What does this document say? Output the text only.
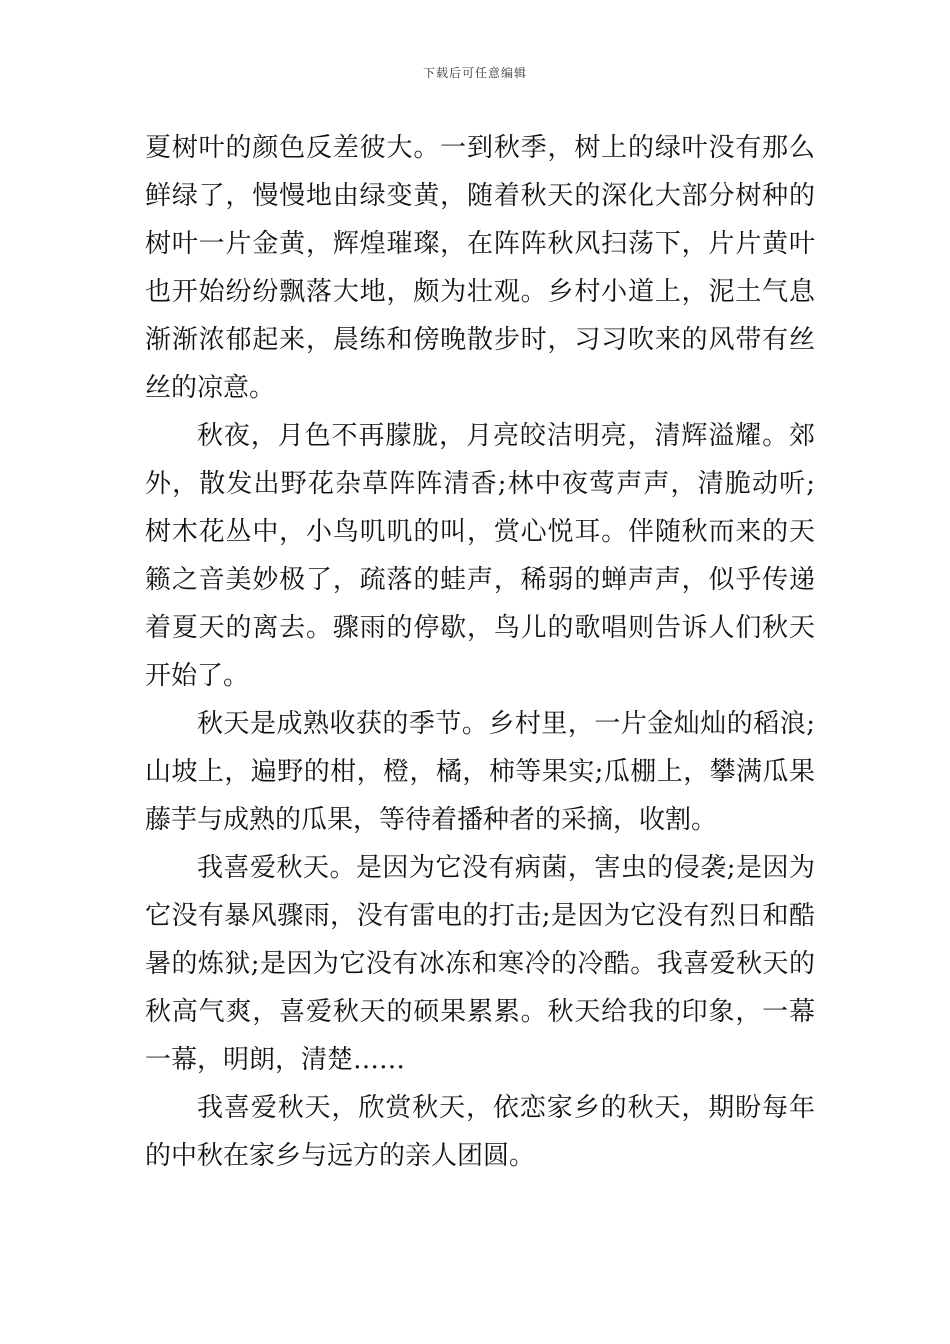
下载后可任意编辑
夏树叶的颜色反差彼大。一到秋季，树上的绿叶没有那么
鲜绿了，慢慢地由绿变黄，随着秋天的深化大部分树种的
树叶一片金黄，辉煌璀璨，在阵阵秋风扫荡下，片片黄叶
也开始纷纷飘落大地，颇为壮观。乡村小道上，泥土气息
渐渐浓郁起来，晨练和傍晚散步时，习习吹来的风带有丝
丝的凉意。
秋夜，月色不再朦胧，月亮皎洁明亮，清辉溢耀。郊
外，散发出野花杂草阵阵清香;林中夜莺声声，清脆动听;
树木花丛中，小鸟叽叽的叫，赏心悦耳。伴随秋而来的天
籁之音美妙极了，疏落的蛙声，稀弱的蝉声声，似乎传递
着夏天的离去。骤雨的停歇，鸟儿的歌唱则告诉人们秋天
开始了。
秋天是成熟收获的季节。乡村里，一片金灿灿的稻浪;
山坡上，遍野的柑，橙，橘，柿等果实;瓜棚上，攀满瓜果
藤芋与成熟的瓜果，等待着播种者的采摘，收割。
我喜爱秋天。是因为它没有病菌，害虫的侵袭;是因为
它没有暴风骤雨，没有雷电的打击;是因为它没有烈日和酷
暑的炼狱;是因为它没有冰冻和寒冷的冷酷。我喜爱秋天的
秋高气爽，喜爱秋天的硕果累累。秋天给我的印象，一幕
一幕，明朗，清楚……
我喜爱秋天，欣赏秋天，依恋家乡的秋天，期盼每年
的中秋在家乡与远方的亲人团圆。
